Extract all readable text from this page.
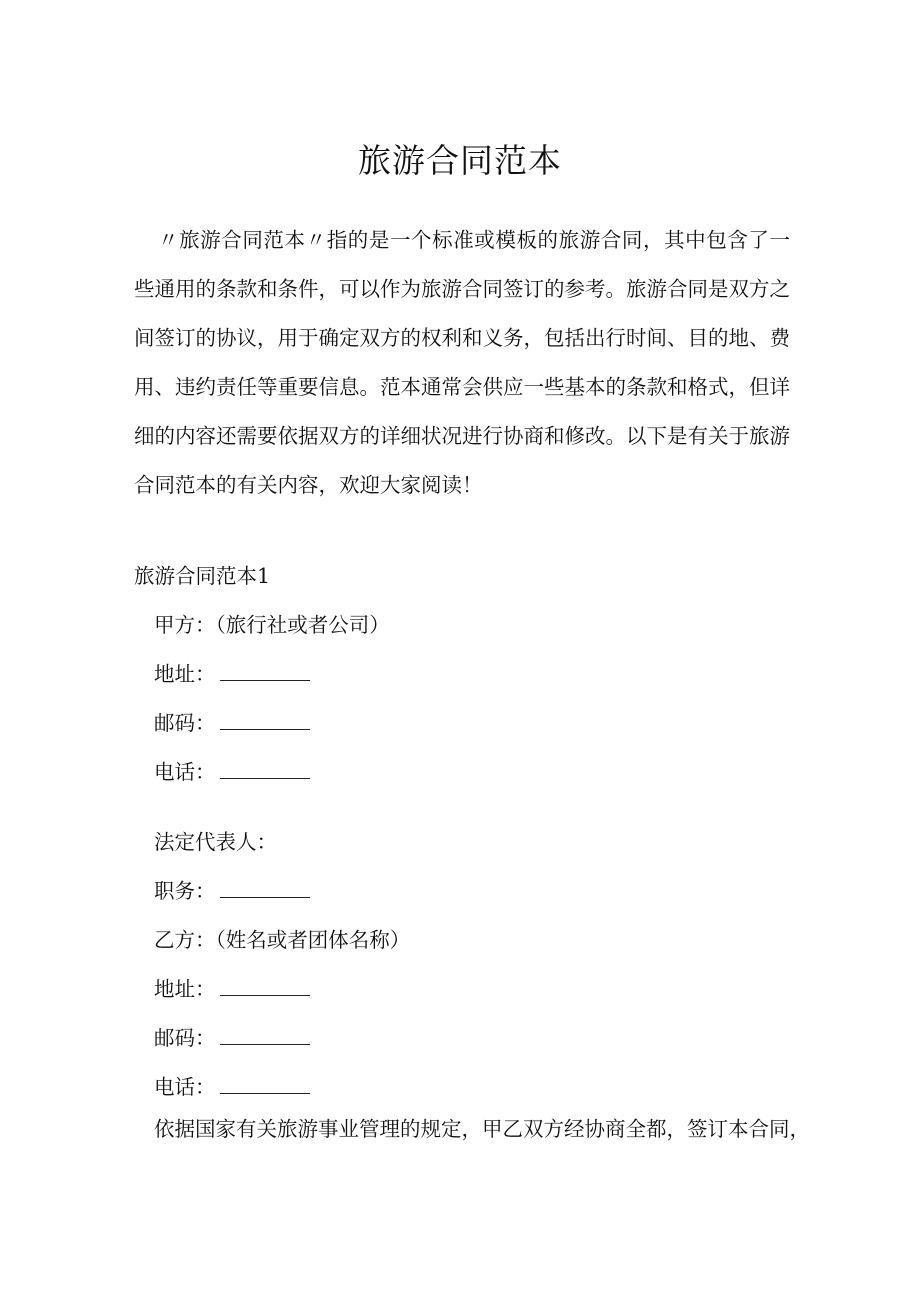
旅游合同范本

〃旅游合同范本〃指的是一个标准或模板的旅游合同，其中包含了一些通用的条款和条件，可以作为旅游合同签订的参考。旅游合同是双方之间签订的协议，用于确定双方的权利和义务，包括出行时间、目的地、费用、违约责任等重要信息。范本通常会供应一些基本的条款和格式，但详细的内容还需要依据双方的详细状况进行协商和修改。以下是有关于旅游合同范本的有关内容，欢迎大家阅读！

旅游合同范本1

甲方：（旅行社或者公司）

地址：

邮码：

电话：

法定代表人：

职务：

乙方：（姓名或者团体名称）

地址：

邮码：

电话：

依据国家有关旅游事业管理的规定，甲乙双方经协商全都，签订本合同，
